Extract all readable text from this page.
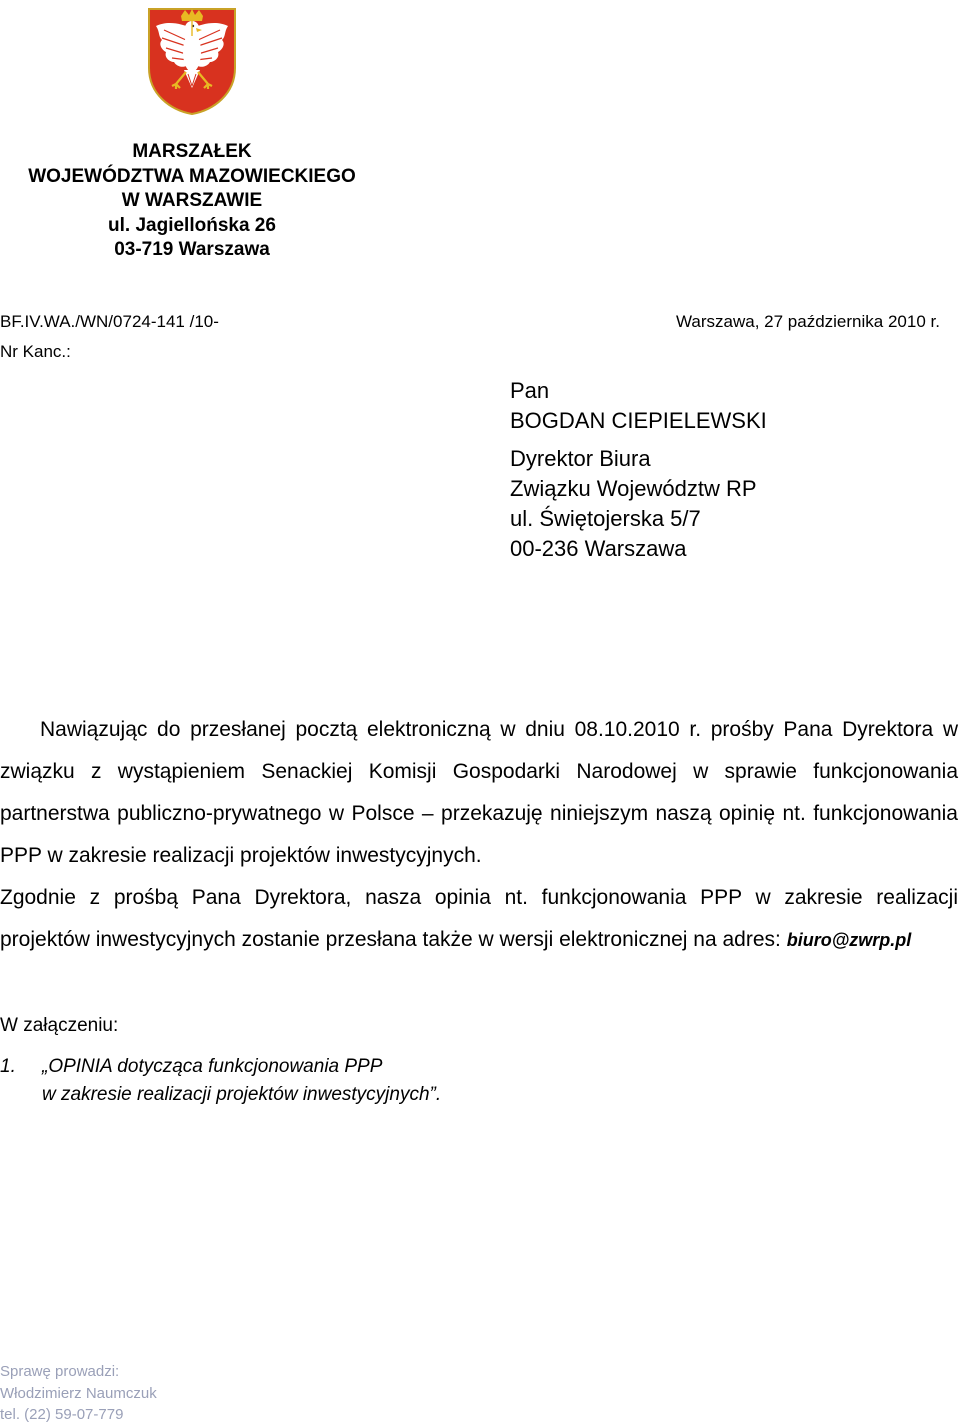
MARSZAŁEK
WOJEWÓDZTWA MAZOWIECKIEGO
W WARSZAWIE
ul. Jagiellońska 26
03-719 Warszawa
BF.IV.WA./WN/0724-141 /10-	Warszawa, 27 października 2010 r.
Nr Kanc.:
Pan
BOGDAN CIEPIELEWSKI
Dyrektor Biura
Związku Województw RP
ul. Świętojerska 5/7
00-236 Warszawa

Nawiązując do przesłanej pocztą elektroniczną w dniu 08.10.2010 r. prośby Pana Dyrektora w związku z wystąpieniem Senackiej Komisji Gospodarki Narodowej w sprawie funkcjonowania partnerstwa publiczno-prywatnego w Polsce – przekazuję niniejszym naszą opinię nt. funkcjonowania PPP w zakresie realizacji projektów inwestycyjnych.

Zgodnie z prośbą Pana Dyrektora, nasza opinia nt. funkcjonowania PPP w zakresie realizacji projektów inwestycyjnych zostanie przesłana także w wersji elektronicznej na adres: biuro@zwrp.pl

W załączeniu:
1. „OPINIA dotycząca funkcjonowania PPP
w zakresie realizacji projektów inwestycyjnych”.
Sprawę prowadzi:
Włodzimierz Naumczuk
tel. (22) 59-07-779
